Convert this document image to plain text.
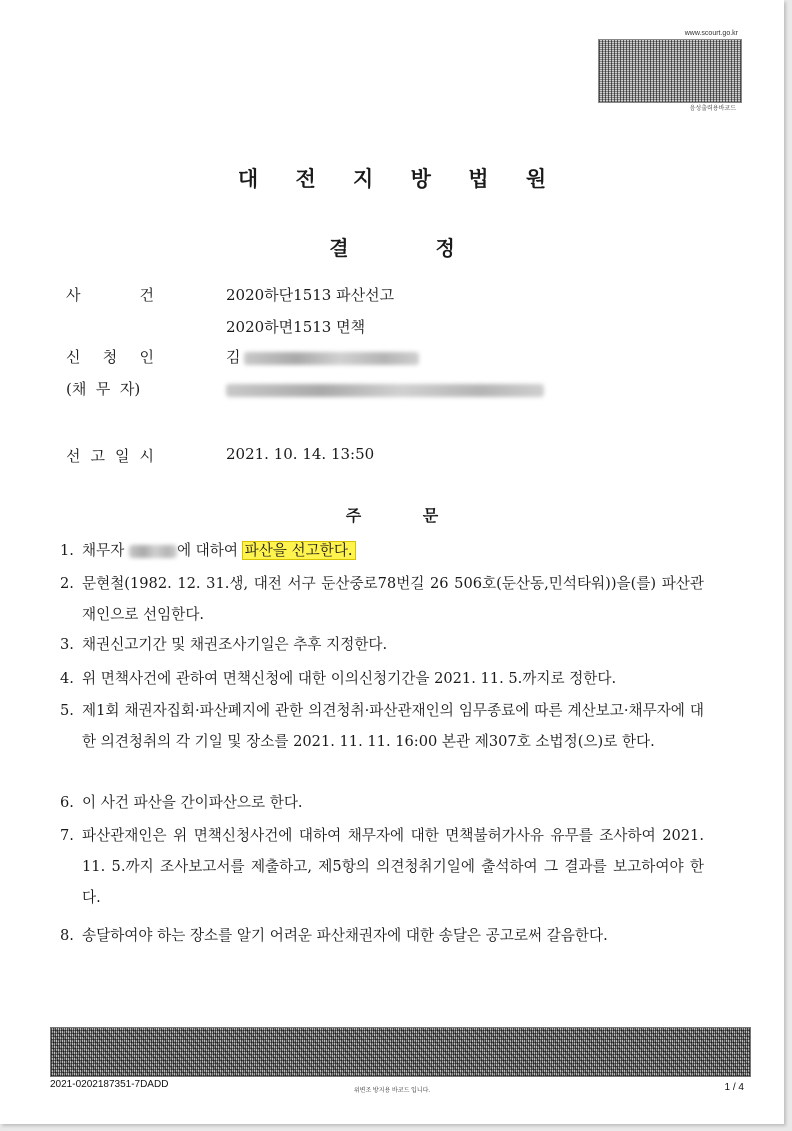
www.scourt.go.kr
음성출력용바코드
대 전 지 방 법 원
결 정
사	건	2020하단1513 파산선고
2020하면1513 면책
신 청 인	김
(채  무  자)
선 고 일 시	2021. 10. 14. 13:50
주 문
1. 채무자	에 대하여 파산을 선고한다.
2. 문현철(1982. 12. 31.생, 대전 서구 둔산중로78번길 26 506호(둔산동,민석타워))을(를) 파산관재인으로 선임한다.
3. 채권신고기간 및 채권조사기일은 추후 지정한다.
4. 위 면책사건에 관하여 면책신청에 대한 이의신청기간을 2021. 11. 5.까지로 정한다.
5. 제1회 채권자집회·파산폐지에 관한 의견청취·파산관재인의 임무종료에 따른 계산보고·채무자에 대한 의견청취의 각 기일 및 장소를 2021. 11. 11. 16:00 본관 제307호 소법정(으)로 한다.
6. 이 사건 파산을 간이파산으로 한다.
7. 파산관재인은 위 면책신청사건에 대하여 채무자에 대한 면책불허가사유 유무를 조사하여 2021. 11. 5.까지 조사보고서를 제출하고, 제5항의 의견청취기일에 출석하여 그 결과를 보고하여야 한다.
8. 송달하여야 하는 장소를 알기 어려운 파산채권자에 대한 송달은 공고로써 갈음한다.
2021-0202187351-7DADD
위변조 방지용 바코드 입니다.	1 / 4
